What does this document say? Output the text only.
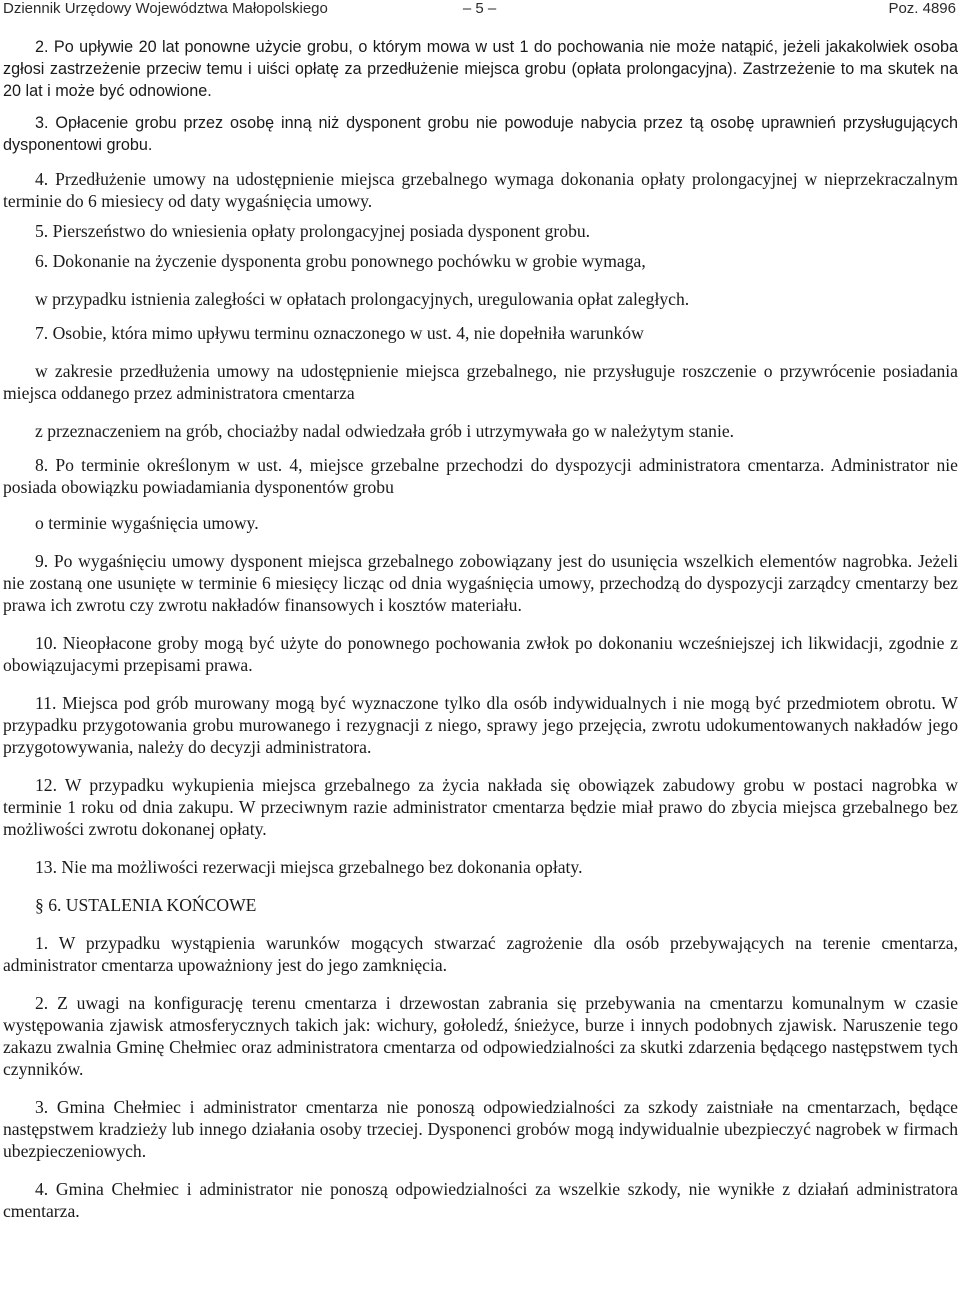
Dziennik Urzędowy Województwa Małopolskiego	– 5 –	Poz. 4896

2. Po upływie 20 lat ponowne użycie grobu, o którym mowa w ust 1 do pochowania nie może natąpić, jeżeli jakakolwiek osoba zgłosi zastrzeżenie przeciw temu i uiści opłatę za przedłużenie miejsca grobu (opłata prolongacyjna). Zastrzeżenie to ma skutek na 20 lat i może być odnowione.

3. Opłacenie grobu przez osobę inną niż dysponent grobu nie powoduje nabycia przez tą osobę uprawnień przysługujących dysponentowi grobu.

4. Przedłużenie umowy na udostępnienie miejsca grzebalnego wymaga dokonania opłaty prolongacyjnej w nieprzekraczalnym terminie do 6 miesiecy od daty wygaśnięcia umowy.

5. Pierszeństwo do wniesienia opłaty prolongacyjnej posiada dysponent grobu.

6. Dokonanie na życzenie dysponenta grobu ponownego pochówku w grobie wymaga,

w przypadku istnienia zaległości w opłatach prolongacyjnych, uregulowania opłat zaległych.

7. Osobie, która mimo upływu terminu oznaczonego w ust. 4, nie dopełniła warunków

w zakresie przedłużenia umowy na udostępnienie miejsca grzebalnego, nie przysługuje roszczenie o przywrócenie posiadania miejsca oddanego przez administratora cmentarza

z przeznaczeniem na grób, chociażby nadal odwiedzała grób i utrzymywała go w należytym stanie.

8. Po terminie określonym w ust. 4, miejsce grzebalne przechodzi do dyspozycji administratora cmentarza. Administrator nie posiada obowiązku powiadamiania dysponentów grobu

o terminie wygaśnięcia umowy.

9. Po wygaśnięciu umowy dysponent miejsca grzebalnego zobowiązany jest do usunięcia wszelkich elementów nagrobka. Jeżeli nie zostaną one usunięte w terminie 6 miesięcy licząc od dnia wygaśnięcia umowy, przechodzą do dyspozycji zarządcy cmentarzy bez prawa ich zwrotu czy zwrotu nakładów finansowych i kosztów materiału.

10. Nieopłacone groby mogą być użyte do ponownego pochowania zwłok po dokonaniu wcześniejszej ich likwidacji, zgodnie z obowiązujacymi przepisami prawa.

11. Miejsca pod grób murowany mogą być wyznaczone tylko dla osób indywidualnych i nie mogą być przedmiotem obrotu. W przypadku przygotowania grobu murowanego i rezygnacji z niego, sprawy jego przejęcia, zwrotu udokumentowanych nakładów jego przygotowywania, należy do decyzji administratora.

12. W przypadku wykupienia miejsca grzebalnego za życia nakłada się obowiązek zabudowy grobu w postaci nagrobka w terminie 1 roku od dnia zakupu. W przeciwnym razie administrator cmentarza będzie miał prawo do zbycia miejsca grzebalnego bez możliwości zwrotu dokonanej opłaty.

13. Nie ma możliwości rezerwacji miejsca grzebalnego bez dokonania opłaty.

§ 6. USTALENIA KOŃCOWE

1. W przypadku wystąpienia warunków mogących stwarzać zagrożenie dla osób przebywających na terenie cmentarza, administrator cmentarza upoważniony jest do jego zamknięcia.

2. Z uwagi na konfigurację terenu cmentarza i drzewostan zabrania się przebywania na cmentarzu komunalnym w czasie występowania zjawisk atmosferycznych takich jak: wichury, gołoledź, śnieżyce, burze i innych podobnych zjawisk. Naruszenie tego zakazu zwalnia Gminę Chełmiec oraz administratora cmentarza od odpowiedzialności za skutki zdarzenia będącego następstwem tych czynników.

3. Gmina Chełmiec i administrator cmentarza nie ponoszą odpowiedzialności za szkody zaistniałe na cmentarzach, będące następstwem kradzieży lub innego działania osoby trzeciej. Dysponenci grobów mogą indywidualnie ubezpieczyć nagrobek w firmach ubezpieczeniowych.

4. Gmina Chełmiec i administrator nie ponoszą odpowiedzialności za wszelkie szkody, nie wynikłe z działań administratora cmentarza.
